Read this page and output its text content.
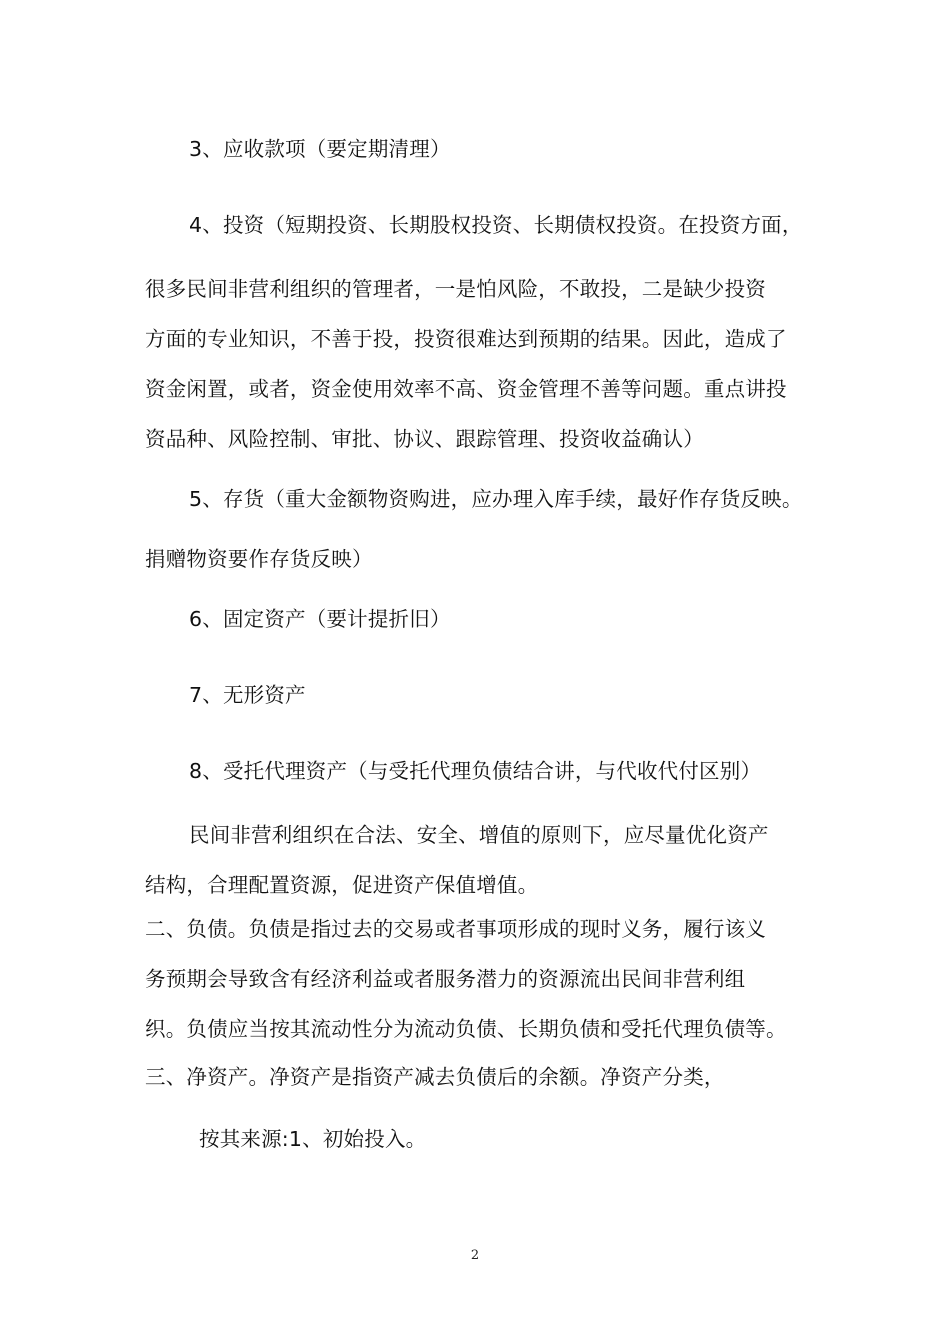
3、应收款项（要定期清理）
4、投资（短期投资、长期股权投资、长期债权投资。在投资方面，
很多民间非营利组织的管理者，一是怕风险，不敢投，二是缺少投资
方面的专业知识，不善于投，投资很难达到预期的结果。因此，造成了
资金闲置，或者，资金使用效率不高、资金管理不善等问题。重点讲投
资品种、风险控制、审批、协议、跟踪管理、投资收益确认）
5、存货（重大金额物资购进，应办理入库手续，最好作存货反映。
捐赠物资要作存货反映）
6、固定资产（要计提折旧）
7、无形资产
8、受托代理资产（与受托代理负债结合讲，与代收代付区别）
民间非营利组织在合法、安全、增值的原则下，应尽量优化资产
结构，合理配置资源，促进资产保值增值。
二、负债。负债是指过去的交易或者事项形成的现时义务，履行该义
务预期会导致含有经济利益或者服务潜力的资源流出民间非营利组
织。负债应当按其流动性分为流动负债、长期负债和受托代理负债等。
三、净资产。净资产是指资产减去负债后的余额。净资产分类，
按其来源:1、初始投入。
2
